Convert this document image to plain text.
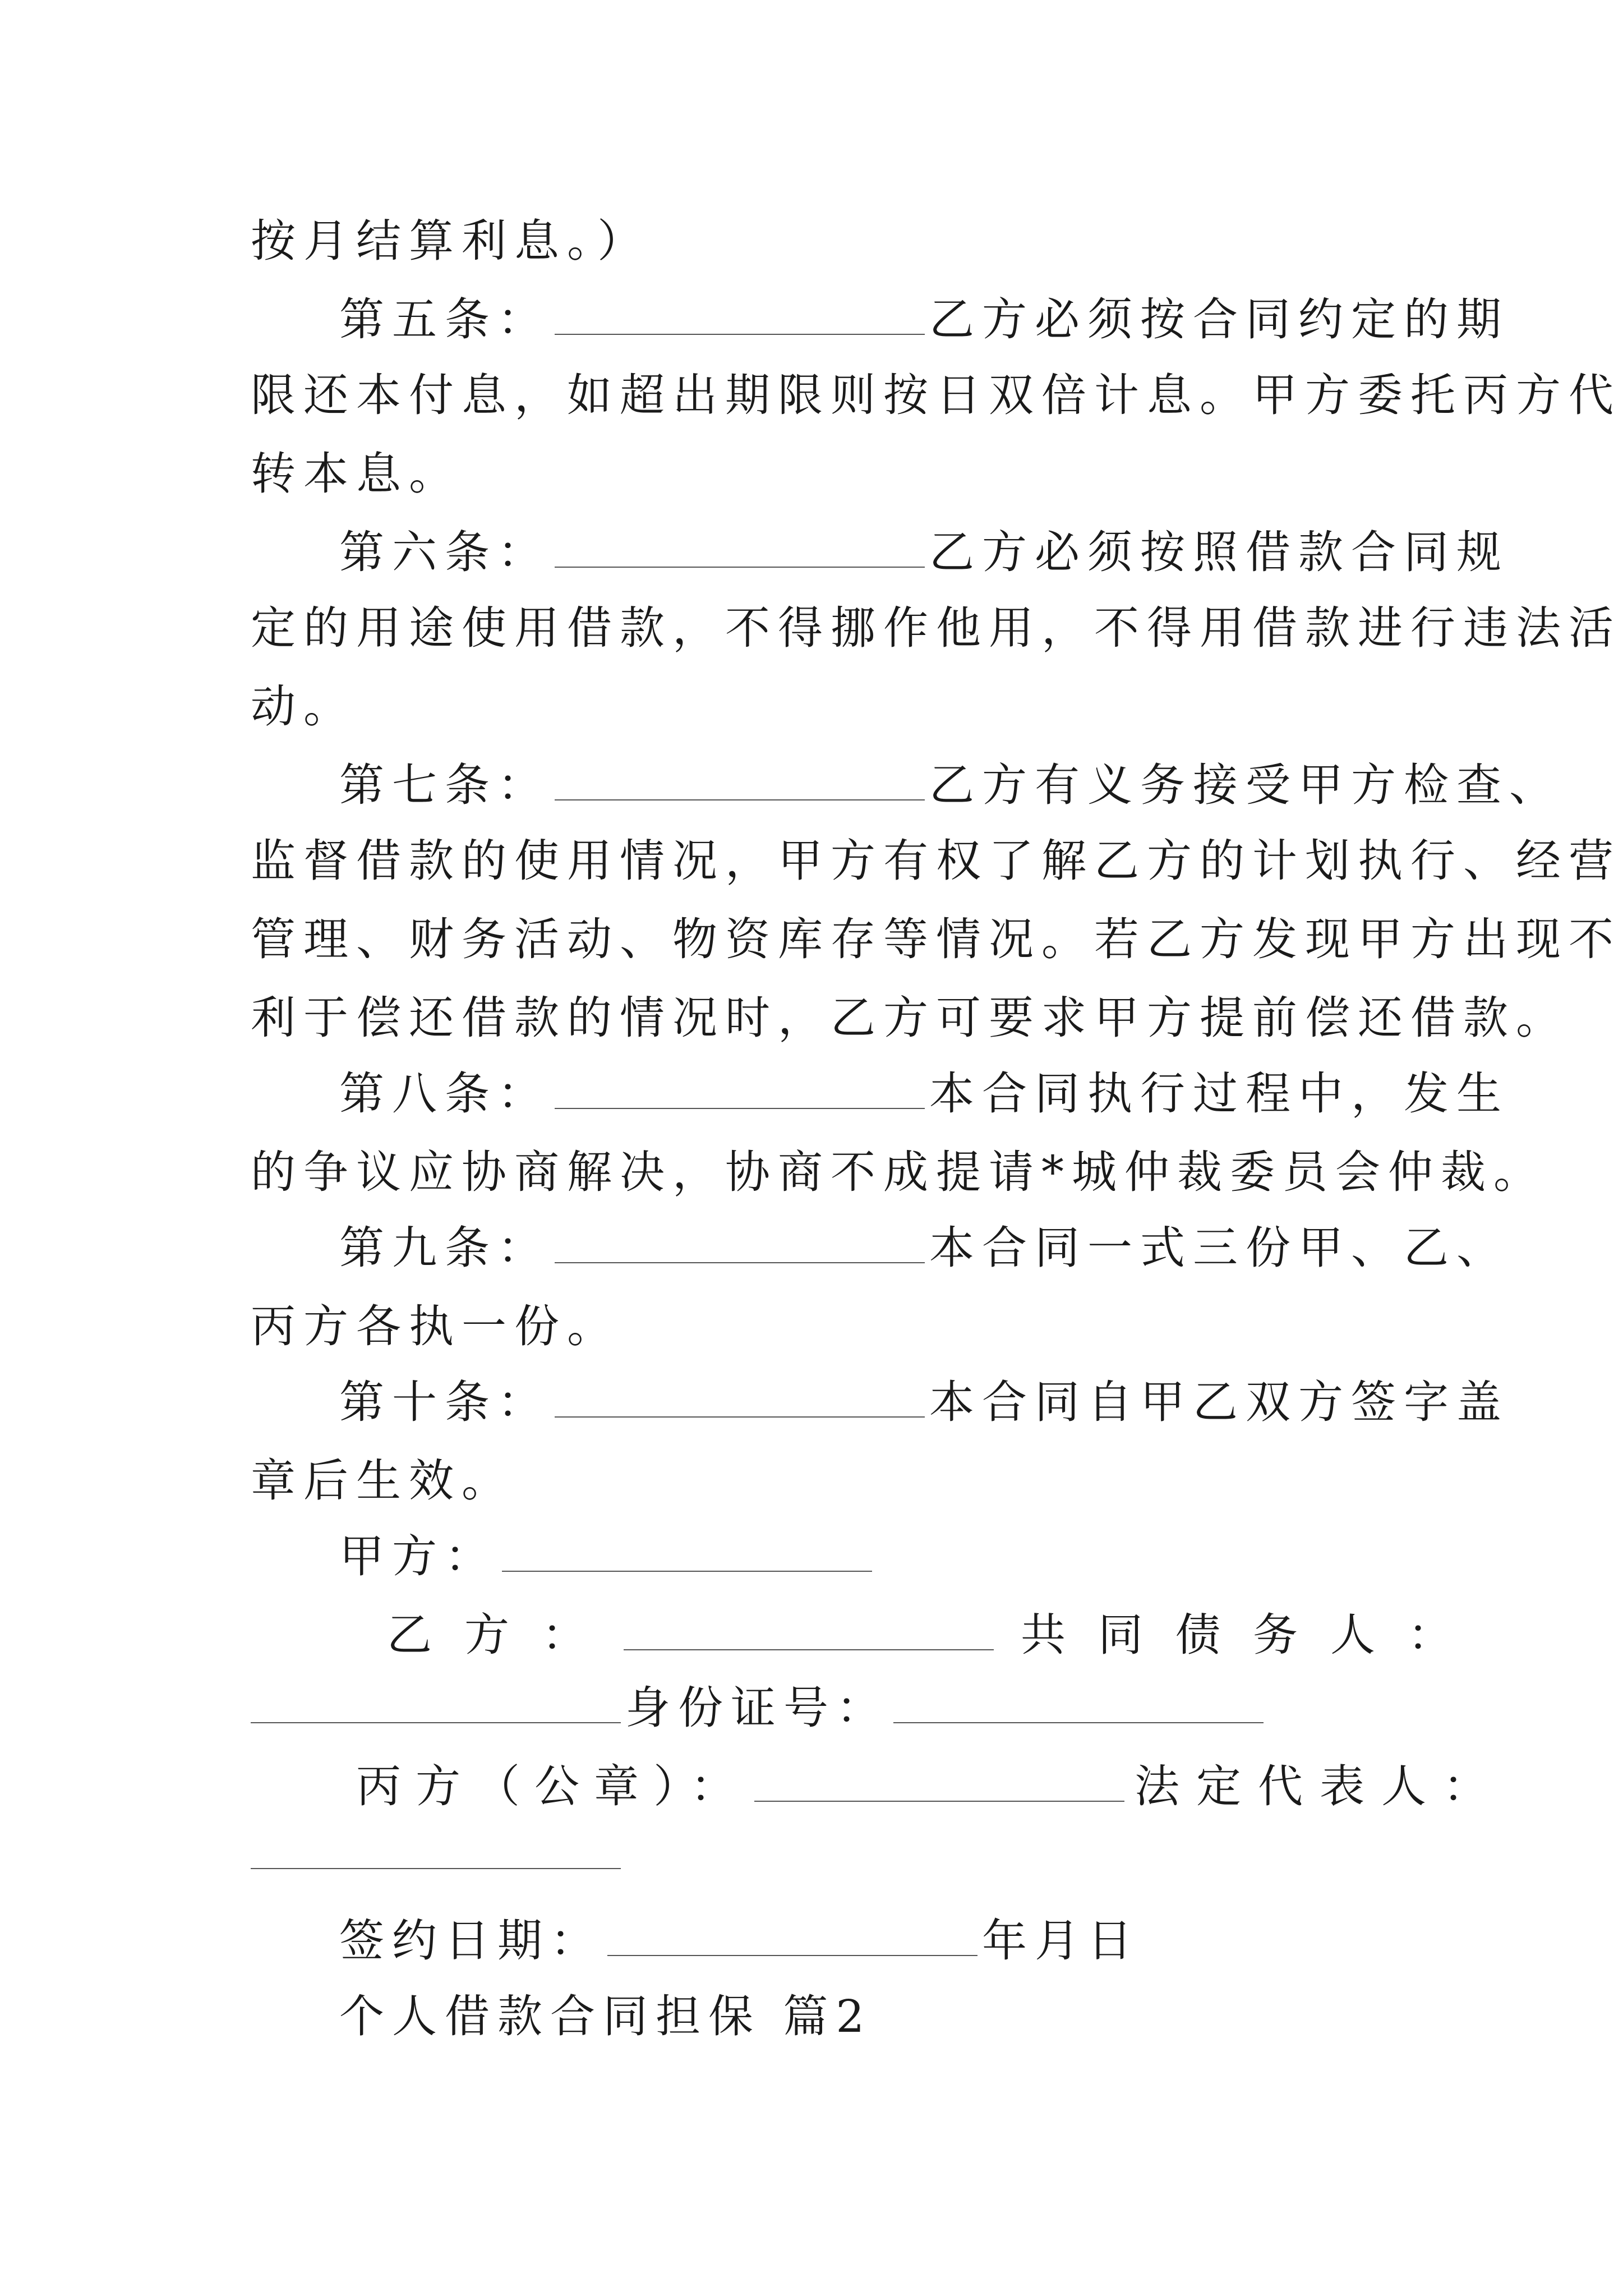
按月结算利息。）
第五条：	乙方必须按合同约定的期
限还本付息，如超出期限则按日双倍计息。甲方委托丙方代
转本息。
第六条：	乙方必须按照借款合同规
定的用途使用借款，不得挪作他用，不得用借款进行违法活
动。
第七条：	乙方有义务接受甲方检查、
监督借款的使用情况，甲方有权了解乙方的计划执行、经营
管理、财务活动、物资库存等情况。若乙方发现甲方出现不
利于偿还借款的情况时，乙方可要求甲方提前偿还借款。
第八条：	本合同执行过程中，发生
的争议应协商解决，协商不成提请*城仲裁委员会仲裁。
第九条：	本合同一式三份甲、乙、
丙方各执一份。
第十条：	本合同自甲乙双方签字盖
章后生效。
甲方：
乙方：	共同债务人：
身份证号：
丙方（公章）：	法定代表人：
签约日期：	年月日
个人借款合同担保 篇2
